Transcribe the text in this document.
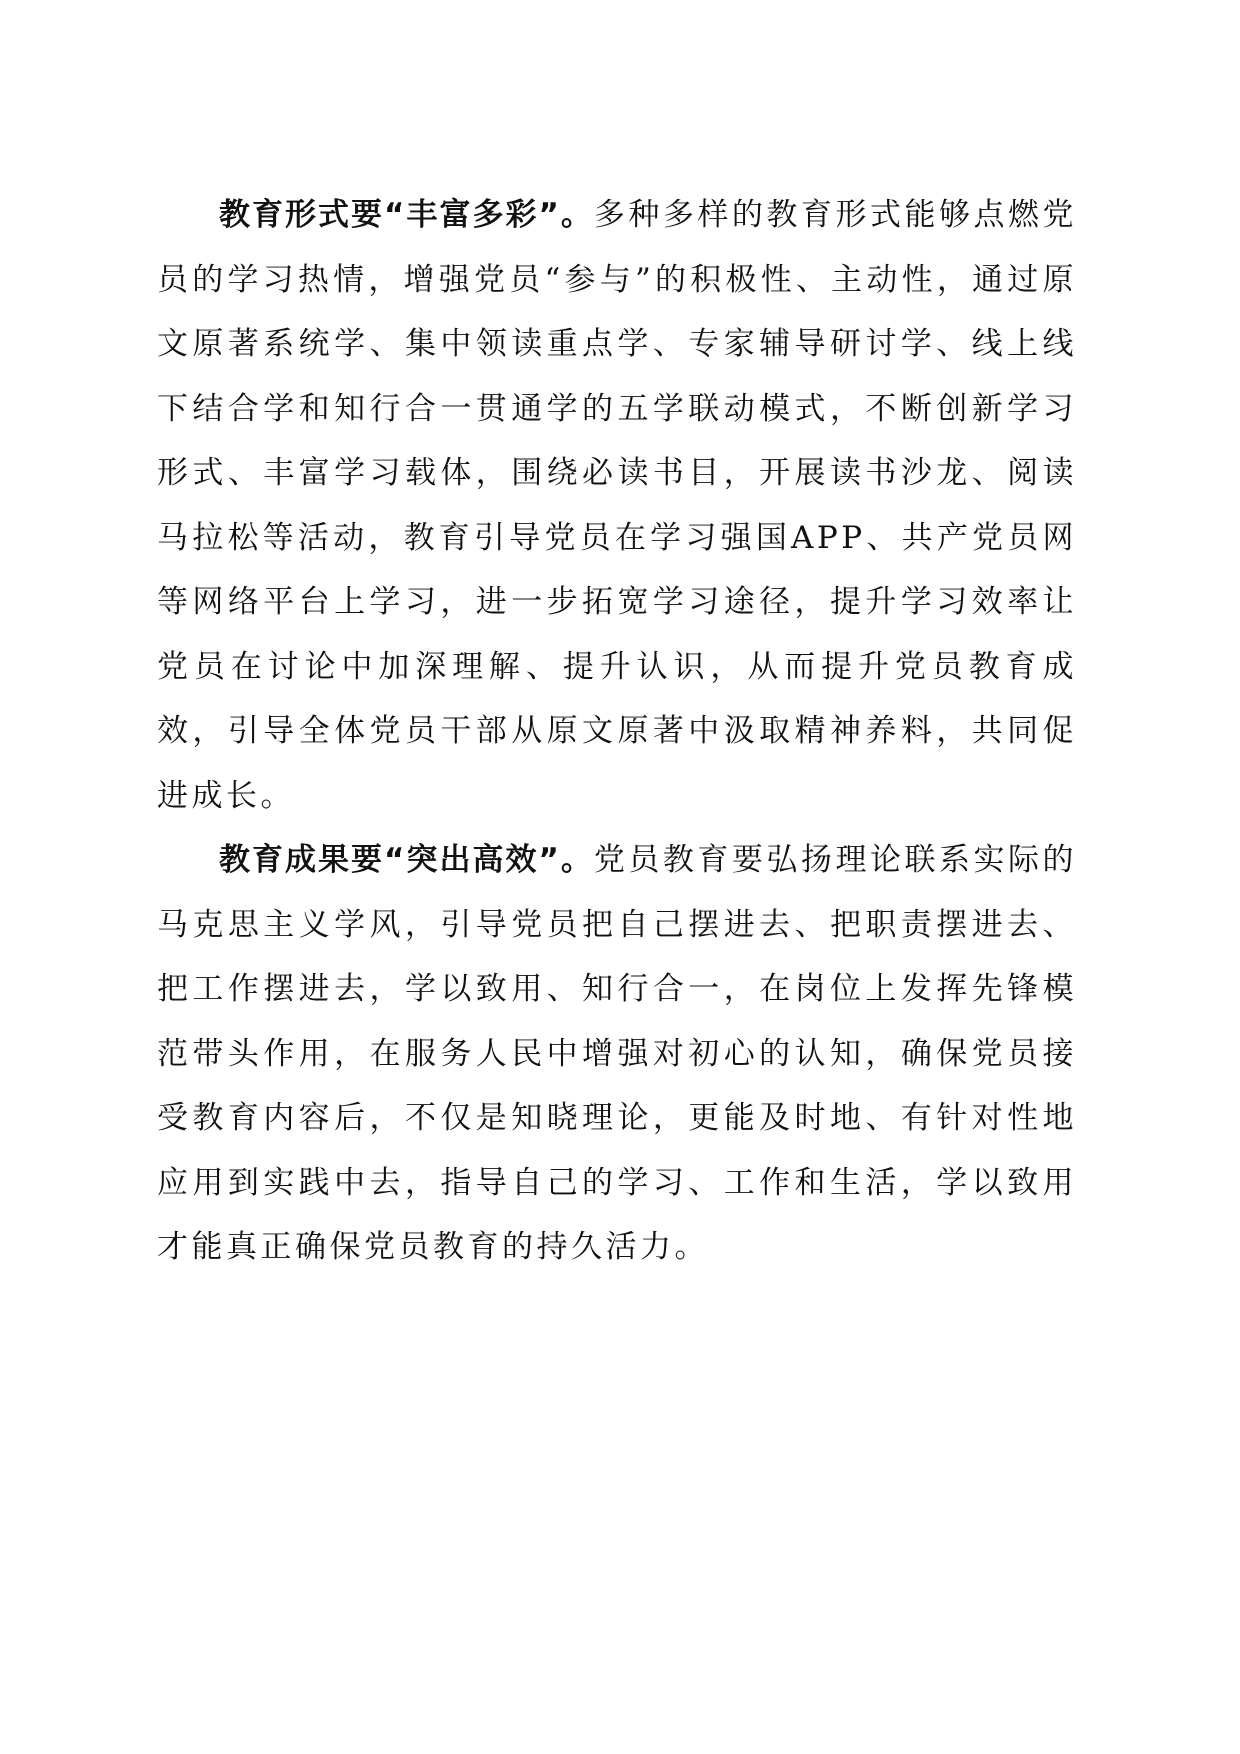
教育形式要“丰富多彩”。多种多样的教育形式能够点燃党员的学习热情，增强党员“参与”的积极性、主动性，通过原文原著系统学、集中领读重点学、专家辅导研讨学、线上线下结合学和知行合一贯通学的五学联动模式，不断创新学习形式、丰富学习载体，围绕必读书目，开展读书沙龙、阅读马拉松等活动，教育引导党员在学习强国APP、共产党员网等网络平台上学习，进一步拓宽学习途径，提升学习效率让党员在讨论中加深理解、提升认识，从而提升党员教育成效，引导全体党员干部从原文原著中汲取精神养料，共同促进成长。

教育成果要“突出高效”。党员教育要弘扬理论联系实际的马克思主义学风，引导党员把自己摆进去、把职责摆进去、把工作摆进去，学以致用、知行合一，在岗位上发挥先锋模范带头作用，在服务人民中增强对初心的认知，确保党员接受教育内容后，不仅是知晓理论，更能及时地、有针对性地应用到实践中去，指导自己的学习、工作和生活，学以致用才能真正确保党员教育的持久活力。
